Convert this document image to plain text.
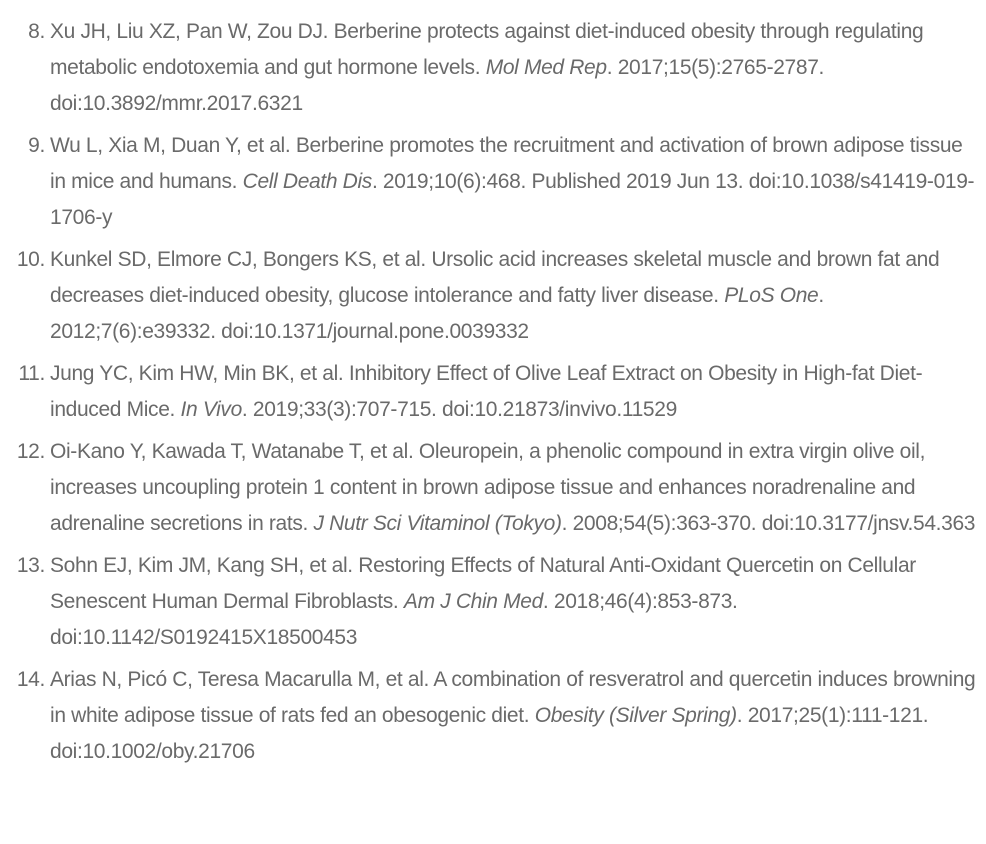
8. Xu JH, Liu XZ, Pan W, Zou DJ. Berberine protects against diet-induced obesity through regulating metabolic endotoxemia and gut hormone levels. Mol Med Rep. 2017;15(5):2765-2787. doi:10.3892/mmr.2017.6321
9. Wu L, Xia M, Duan Y, et al. Berberine promotes the recruitment and activation of brown adipose tissue in mice and humans. Cell Death Dis. 2019;10(6):468. Published 2019 Jun 13. doi:10.1038/s41419-019-1706-y
10. Kunkel SD, Elmore CJ, Bongers KS, et al. Ursolic acid increases skeletal muscle and brown fat and decreases diet-induced obesity, glucose intolerance and fatty liver disease. PLoS One. 2012;7(6):e39332. doi:10.1371/journal.pone.0039332
11. Jung YC, Kim HW, Min BK, et al. Inhibitory Effect of Olive Leaf Extract on Obesity in High-fat Diet-induced Mice. In Vivo. 2019;33(3):707-715. doi:10.21873/invivo.11529
12. Oi-Kano Y, Kawada T, Watanabe T, et al. Oleuropein, a phenolic compound in extra virgin olive oil, increases uncoupling protein 1 content in brown adipose tissue and enhances noradrenaline and adrenaline secretions in rats. J Nutr Sci Vitaminol (Tokyo). 2008;54(5):363-370. doi:10.3177/jnsv.54.363
13. Sohn EJ, Kim JM, Kang SH, et al. Restoring Effects of Natural Anti-Oxidant Quercetin on Cellular Senescent Human Dermal Fibroblasts. Am J Chin Med. 2018;46(4):853-873. doi:10.1142/S0192415X18500453
14. Arias N, Picó C, Teresa Macarulla M, et al. A combination of resveratrol and quercetin induces browning in white adipose tissue of rats fed an obesogenic diet. Obesity (Silver Spring). 2017;25(1):111-121. doi:10.1002/oby.21706
